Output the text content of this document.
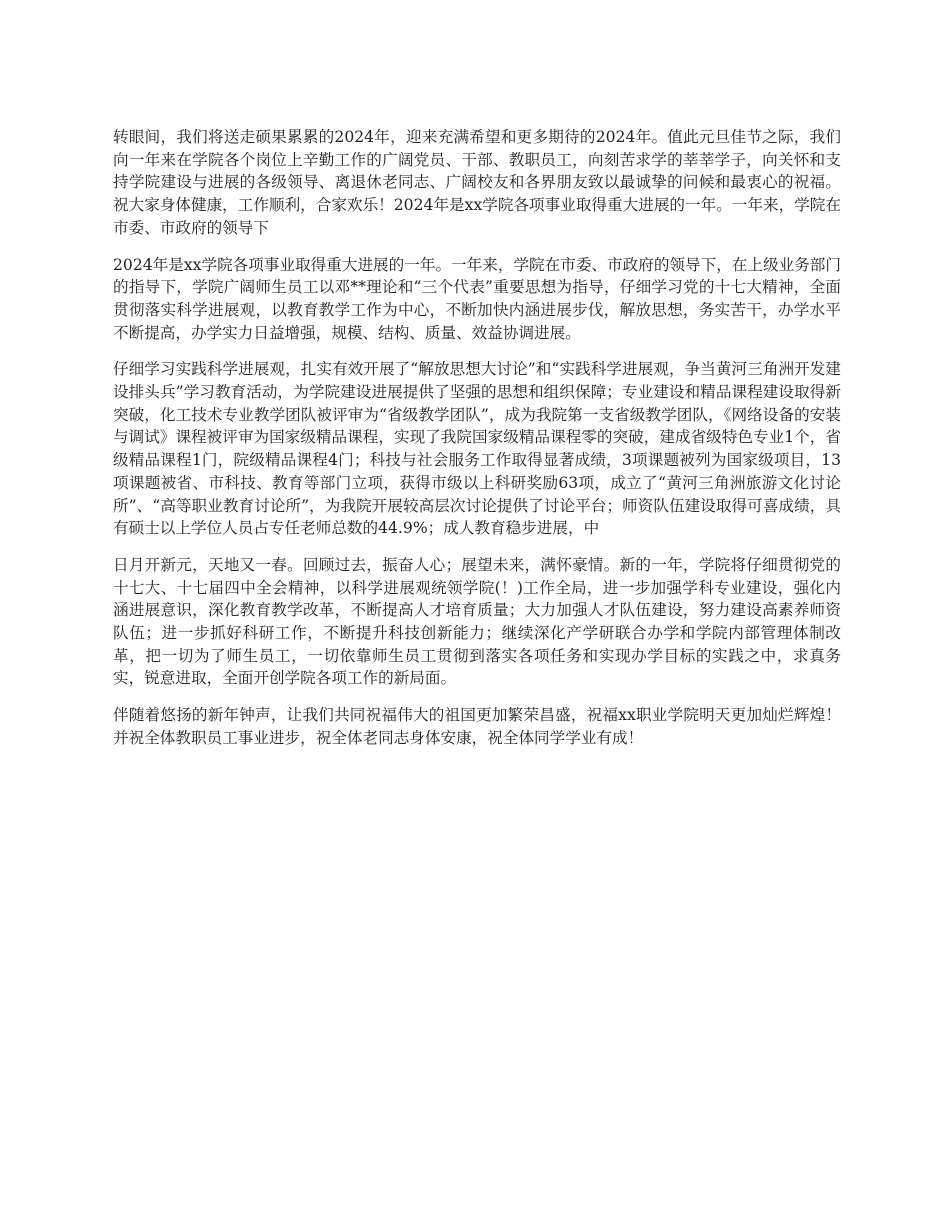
转眼间，我们将送走硕果累累的2024年，迎来充满希望和更多期待的2024年。值此元旦佳节之际，我们向一年来在学院各个岗位上辛勤工作的广阔党员、干部、教职员工，向刻苦求学的莘莘学子，向关怀和支持学院建设与进展的各级领导、离退休老同志、广阔校友和各界朋友致以最诚挚的问候和最衷心的祝福。祝大家身体健康，工作顺利，合家欢乐！2024年是xx学院各项事业取得重大进展的一年。一年来，学院在市委、市政府的领导下

2024年是xx学院各项事业取得重大进展的一年。一年来，学院在市委、市政府的领导下，在上级业务部门的指导下，学院广阔师生员工以邓**理论和“三个代表”重要思想为指导，仔细学习党的十七大精神，全面贯彻落实科学进展观，以教育教学工作为中心，不断加快内涵进展步伐，解放思想，务实苦干，办学水平不断提高，办学实力日益增强，规模、结构、质量、效益协调进展。

仔细学习实践科学进展观，扎实有效开展了“解放思想大讨论”和“实践科学进展观，争当黄河三角洲开发建设排头兵”学习教育活动，为学院建设进展提供了坚强的思想和组织保障；专业建设和精品课程建设取得新突破，化工技术专业教学团队被评审为“省级教学团队”，成为我院第一支省级教学团队，《网络设备的安装与调试》课程被评审为国家级精品课程，实现了我院国家级精品课程零的突破，建成省级特色专业1个，省级精品课程1门，院级精品课程4门；科技与社会服务工作取得显著成绩，3项课题被列为国家级项目，13项课题被省、市科技、教育等部门立项，获得市级以上科研奖励63项，成立了“黄河三角洲旅游文化讨论所”、“高等职业教育讨论所”，为我院开展较高层次讨论提供了讨论平台；师资队伍建设取得可喜成绩，具有硕士以上学位人员占专任老师总数的44.9%；成人教育稳步进展，中

日月开新元，天地又一春。回顾过去，振奋人心；展望未来，满怀豪情。新的一年，学院将仔细贯彻党的十七大、十七届四中全会精神，以科学进展观统领学院(！)工作全局，进一步加强学科专业建设，强化内涵进展意识，深化教育教学改革，不断提高人才培育质量；大力加强人才队伍建设，努力建设高素养师资队伍；进一步抓好科研工作，不断提升科技创新能力；继续深化产学研联合办学和学院内部管理体制改革，把一切为了师生员工，一切依靠师生员工贯彻到落实各项任务和实现办学目标的实践之中，求真务实，锐意进取，全面开创学院各项工作的新局面。

伴随着悠扬的新年钟声，让我们共同祝福伟大的祖国更加繁荣昌盛，祝福xx职业学院明天更加灿烂辉煌！并祝全体教职员工事业进步，祝全体老同志身体安康，祝全体同学学业有成！
